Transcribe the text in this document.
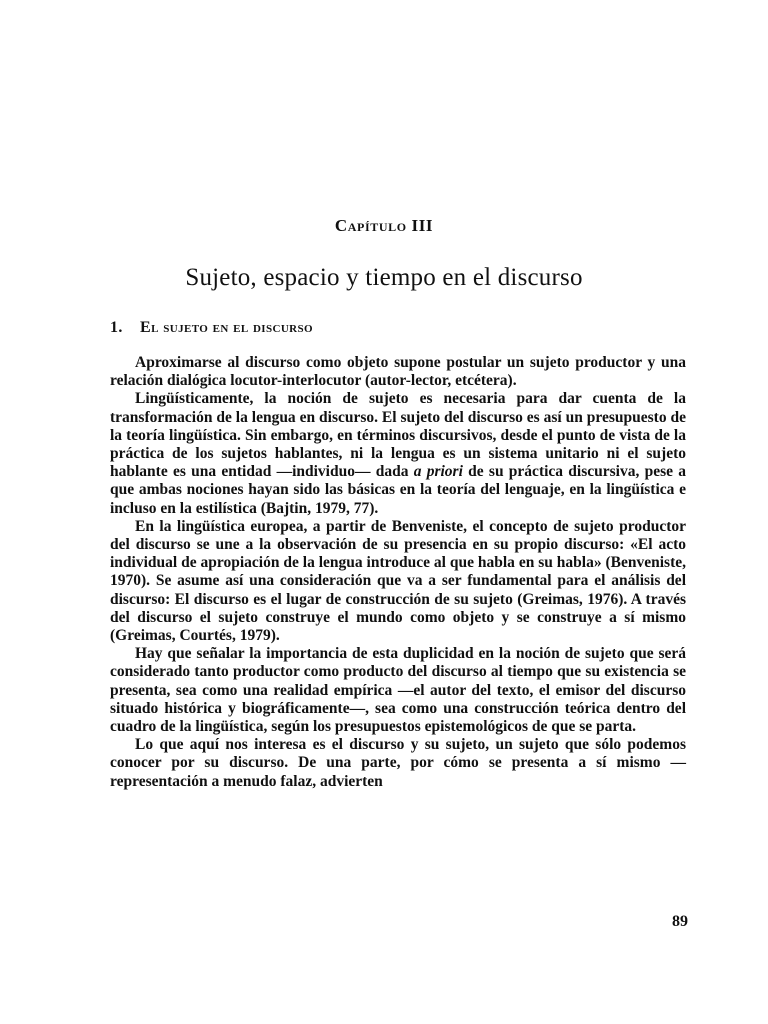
Capítulo III
Sujeto, espacio y tiempo en el discurso
1. El sujeto en el discurso

Aproximarse al discurso como objeto supone postular un sujeto productor y una relación dialógica locutor-interlocutor (autor-lector, etcétera).

Lingüísticamente, la noción de sujeto es necesaria para dar cuenta de la transformación de la lengua en discurso. El sujeto del discurso es así un presupuesto de la teoría lingüística. Sin embargo, en términos discursivos, desde el punto de vista de la práctica de los sujetos hablantes, ni la lengua es un sistema unitario ni el sujeto hablante es una entidad —individuo— dada a priori de su práctica discursiva, pese a que ambas nociones hayan sido las básicas en la teoría del lenguaje, en la lingüística e incluso en la estilística (Bajtin, 1979, 77).

En la lingüística europea, a partir de Benveniste, el concepto de sujeto productor del discurso se une a la observación de su presencia en su propio discurso: «El acto individual de apropiación de la lengua introduce al que habla en su habla» (Benveniste, 1970). Se asume así una consideración que va a ser fundamental para el análisis del discurso: El discurso es el lugar de construcción de su sujeto (Greimas, 1976). A través del discurso el sujeto construye el mundo como objeto y se construye a sí mismo (Greimas, Courtés, 1979).

Hay que señalar la importancia de esta duplicidad en la noción de sujeto que será considerado tanto productor como producto del discurso al tiempo que su existencia se presenta, sea como una realidad empírica —el autor del texto, el emisor del discurso situado histórica y biográficamente—, sea como una construcción teórica dentro del cuadro de la lingüística, según los presupuestos epistemológicos de que se parta.

Lo que aquí nos interesa es el discurso y su sujeto, un sujeto que sólo podemos conocer por su discurso. De una parte, por cómo se presenta a sí mismo —representación a menudo falaz, advierten

89
